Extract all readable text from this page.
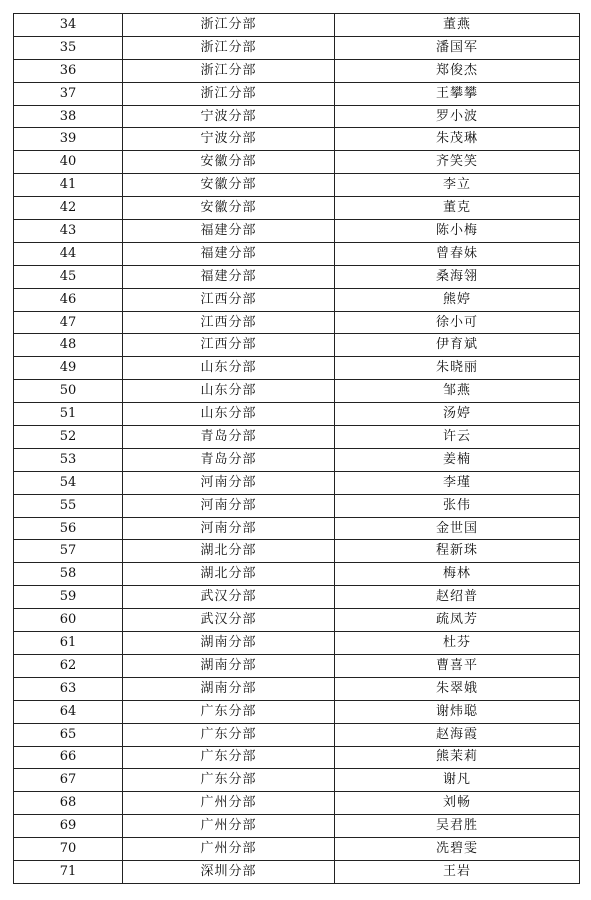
34	浙江分部	董燕
35	浙江分部	潘国军
36	浙江分部	郑俊杰
37	浙江分部	王攀攀
38	宁波分部	罗小波
39	宁波分部	朱茂琳
40	安徽分部	齐笑笑
41	安徽分部	李立
42	安徽分部	董克
43	福建分部	陈小梅
44	福建分部	曾春妹
45	福建分部	桑海翎
46	江西分部	熊婷
47	江西分部	徐小可
48	江西分部	伊育斌
49	山东分部	朱晓丽
50	山东分部	邹燕
51	山东分部	汤婷
52	青岛分部	许云
53	青岛分部	姜楠
54	河南分部	李瑾
55	河南分部	张伟
56	河南分部	金世国
57	湖北分部	程新珠
58	湖北分部	梅林
59	武汉分部	赵绍普
60	武汉分部	疏凤芳
61	湖南分部	杜芬
62	湖南分部	曹喜平
63	湖南分部	朱翠娥
64	广东分部	谢炜聪
65	广东分部	赵海霞
66	广东分部	熊茉莉
67	广东分部	谢凡
68	广州分部	刘畅
69	广州分部	吴君胜
70	广州分部	冼碧雯
71	深圳分部	王岩
